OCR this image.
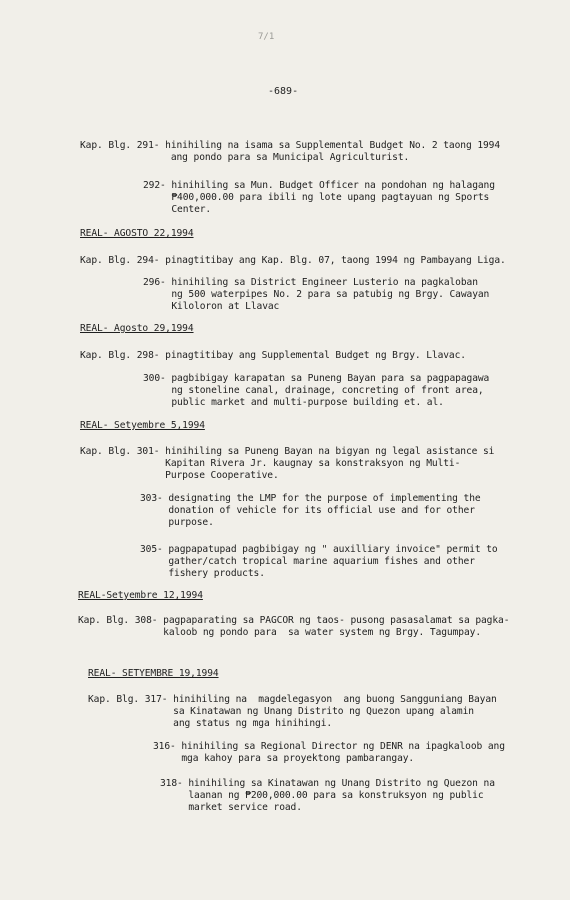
7/1
-689-
Kap. Blg. 291- hinihiling na isama sa Supplemental Budget No. 2 taong 1994
ang pondo para sa Municipal Agriculturist.
292- hinihiling sa Mun. Budget Officer na pondohan ng halagang
₱400,000.00 para ibili ng lote upang pagtayuan ng Sports
Center.
REAL- AGOSTO 22,1994
Kap. Blg. 294- pinagtitibay ang Kap. Blg. 07, taong 1994 ng Pambayang Liga.
296- hinihiling sa District Engineer Lusterio na pagkaloban
ng 500 waterpipes No. 2 para sa patubig ng Brgy. Cawayan
Kiloloron at Llavac
REAL- Agosto 29,1994
Kap. Blg. 298- pinagtitibay ang Supplemental Budget ng Brgy. Llavac.
300- pagbibigay karapatan sa Puneng Bayan para sa pagpapagawa
ng stoneline canal, drainage, concreting of front area,
public market and multi-purpose building et. al.
REAL- Setyembre 5,1994
Kap. Blg. 301- hinihiling sa Puneng Bayan na bigyan ng legal asistance si
Kapitan Rivera Jr. kaugnay sa konstraksyon ng Multi-
Purpose Cooperative.
303- designating the LMP for the purpose of implementing the
donation of vehicle for its official use and for other
purpose.
305- pagpapatupad pagbibigay ng " auxilliary invoice" permit to
gather/catch tropical marine aquarium fishes and other
fishery products.
REAL-Setyembre 12,1994
Kap. Blg. 308- pagpaparating sa PAGCOR ng taos- pusong pasasalamat sa pagka-
kaloob ng pondo para  sa water system ng Brgy. Tagumpay.
REAL- SETYEMBRE 19,1994
Kap. Blg. 317- hinihiling na  magdelegasyon  ang buong Sangguniang Bayan
sa Kinatawan ng Unang Distrito ng Quezon upang alamin
ang status ng mga hinihingi.
316- hinihiling sa Regional Director ng DENR na ipagkaloob ang
mga kahoy para sa proyektong pambarangay.
318- hinihiling sa Kinatawan ng Unang Distrito ng Quezon na
laanan ng ₱200,000.00 para sa konstruksyon ng public
market service road.
